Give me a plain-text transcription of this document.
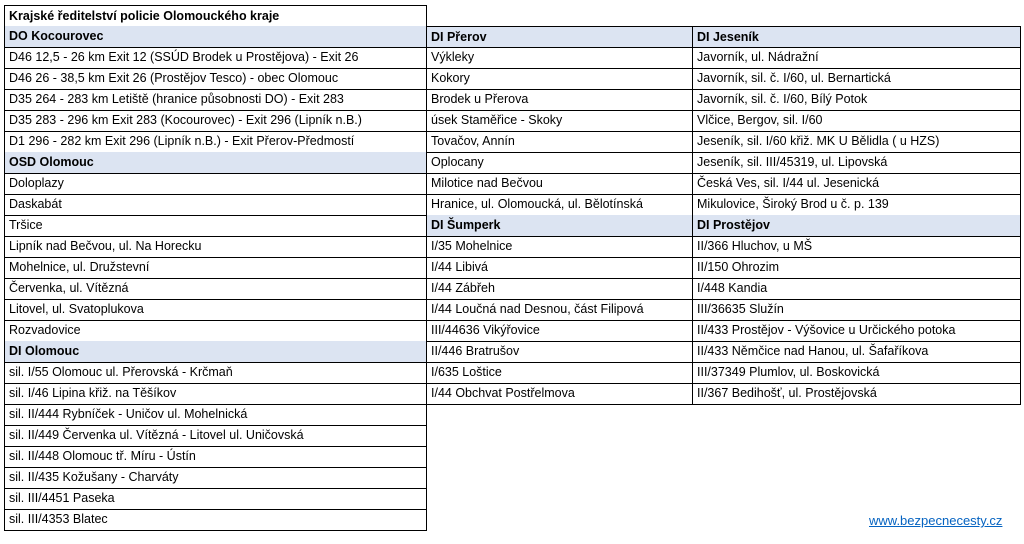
Krajské ředitelství policie Olomouckého kraje
DO Kocourovec
D46 12,5 - 26 km Exit 12 (SSÚD Brodek u Prostějova) - Exit 26
D46 26 - 38,5 km Exit 26 (Prostějov Tesco) - obec Olomouc
D35 264 - 283 km Letiště (hranice působnosti DO) - Exit 283
D35 283 - 296 km Exit 283 (Kocourovec) - Exit 296 (Lipník n.B.)
D1 296 - 282 km Exit 296 (Lipník n.B.) - Exit Přerov-Předmostí
OSD Olomouc
Doloplazy
Daskabát
Tršice
Lipník nad Bečvou, ul. Na Horecku
Mohelnice, ul. Družstevní
Červenka, ul. Vítězná
Litovel, ul. Svatoplukova
Rozvadovice
DI Olomouc
sil. I/55 Olomouc ul. Přerovská - Krčmaň
sil. I/46 Lipina křiž. na Těšíkov
sil. II/444 Rybníček - Uničov ul. Mohelnická
sil. II/449 Červenka ul. Vítězná - Litovel ul. Uničovská
sil. II/448 Olomouc tř. Míru - Ústín
sil. II/435 Kožušany - Charváty
sil. III/4451 Paseka
sil. III/4353 Blatec
DI Přerov
Výkleky
Kokory
Brodek u Přerova
úsek Staměřice - Skoky
Tovačov, Annín
Oplocany
Milotice nad Bečvou
Hranice, ul. Olomoucká, ul. Bělotínská
DI Šumperk
I/35 Mohelnice
I/44 Libivá
I/44 Zábřeh
I/44 Loučná nad Desnou, část Filipová
III/44636 Vikýřovice
II/446 Bratrušov
I/635 Loštice
I/44 Obchvat Postřelmova
DI Jeseník
Javorník, ul. Nádražní
Javorník, sil. č. I/60, ul. Bernartická
Javorník, sil. č. I/60, Bílý Potok
Vlčice, Bergov, sil. I/60
Jeseník, sil. I/60 křiž. MK U Bělidla ( u HZS)
Jeseník, sil. III/45319, ul. Lipovská
Česká Ves, sil. I/44 ul. Jesenická
Mikulovice, Široký Brod u č. p. 139
DI Prostějov
II/366 Hluchov, u MŠ
II/150 Ohrozim
I/448 Kandia
III/36635 Služín
II/433 Prostějov - Výšovice u Určického potoka
II/433 Němčice nad Hanou, ul. Šafaříkova
III/37349 Plumlov, ul. Boskovická
II/367 Bedihošť, ul. Prostějovská
www.bezpecnecesty.cz
